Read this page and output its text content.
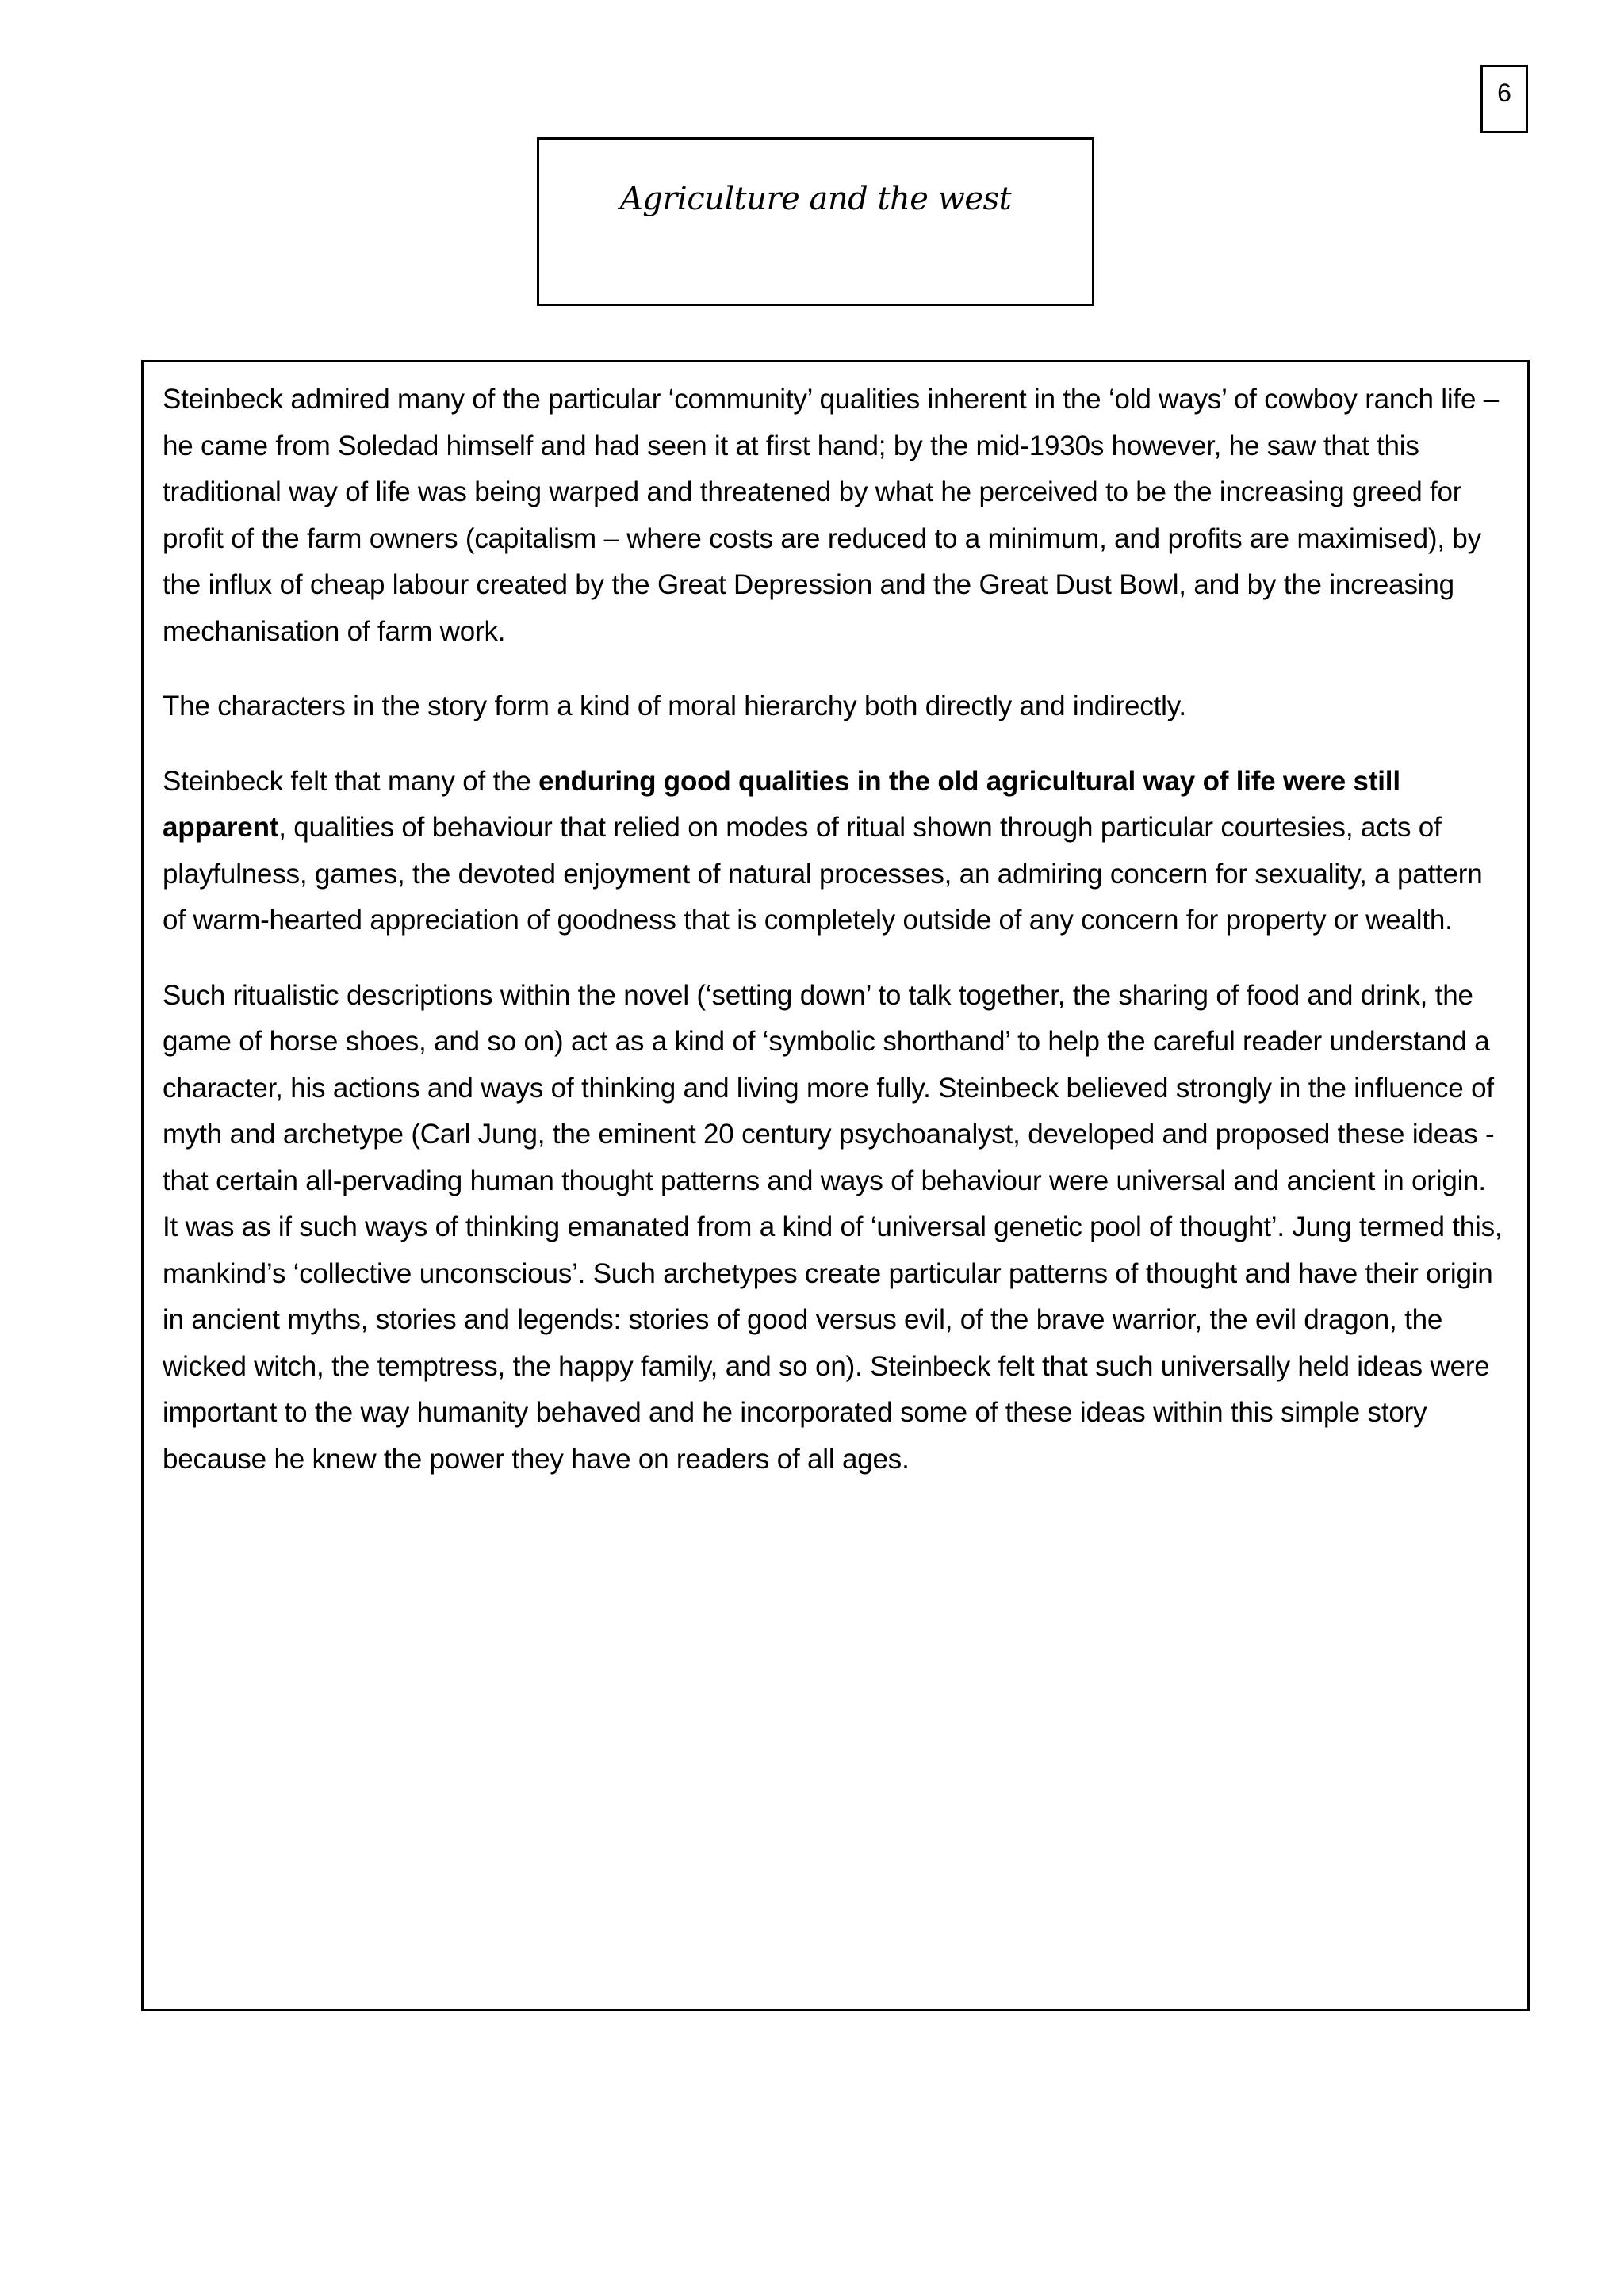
6
Agriculture and the west

Steinbeck admired many of the particular ‘community’ qualities inherent in the ‘old ways’ of cowboy ranch life – he came from Soledad himself and had seen it at first hand; by the mid-1930s however, he saw that this traditional way of life was being warped and threatened by what he perceived to be the increasing greed for profit of the farm owners (capitalism – where costs are reduced to a minimum, and profits are maximised), by the influx of cheap labour created by the Great Depression and the Great Dust Bowl, and by the increasing mechanisation of farm work.

The characters in the story form a kind of moral hierarchy both directly and indirectly.

Steinbeck felt that many of the enduring good qualities in the old agricultural way of life were still apparent, qualities of behaviour that relied on modes of ritual shown through particular courtesies, acts of playfulness, games, the devoted enjoyment of natural processes, an admiring concern for sexuality, a pattern of warm-hearted appreciation of goodness that is completely outside of any concern for property or wealth.

Such ritualistic descriptions within the novel (‘setting down’ to talk together, the sharing of food and drink, the game of horse shoes, and so on) act as a kind of ‘symbolic shorthand’ to help the careful reader understand a character, his actions and ways of thinking and living more fully. Steinbeck believed strongly in the influence of myth and archetype (Carl Jung, the eminent 20 century psychoanalyst, developed and proposed these ideas - that certain all-pervading human thought patterns and ways of behaviour were universal and ancient in origin. It was as if such ways of thinking emanated from a kind of ‘universal genetic pool of thought’. Jung termed this, mankind’s ‘collective unconscious’. Such archetypes create particular patterns of thought and have their origin in ancient myths, stories and legends: stories of good versus evil, of the brave warrior, the evil dragon, the wicked witch, the temptress, the happy family, and so on). Steinbeck felt that such universally held ideas were important to the way humanity behaved and he incorporated some of these ideas within this simple story because he knew the power they have on readers of all ages.
